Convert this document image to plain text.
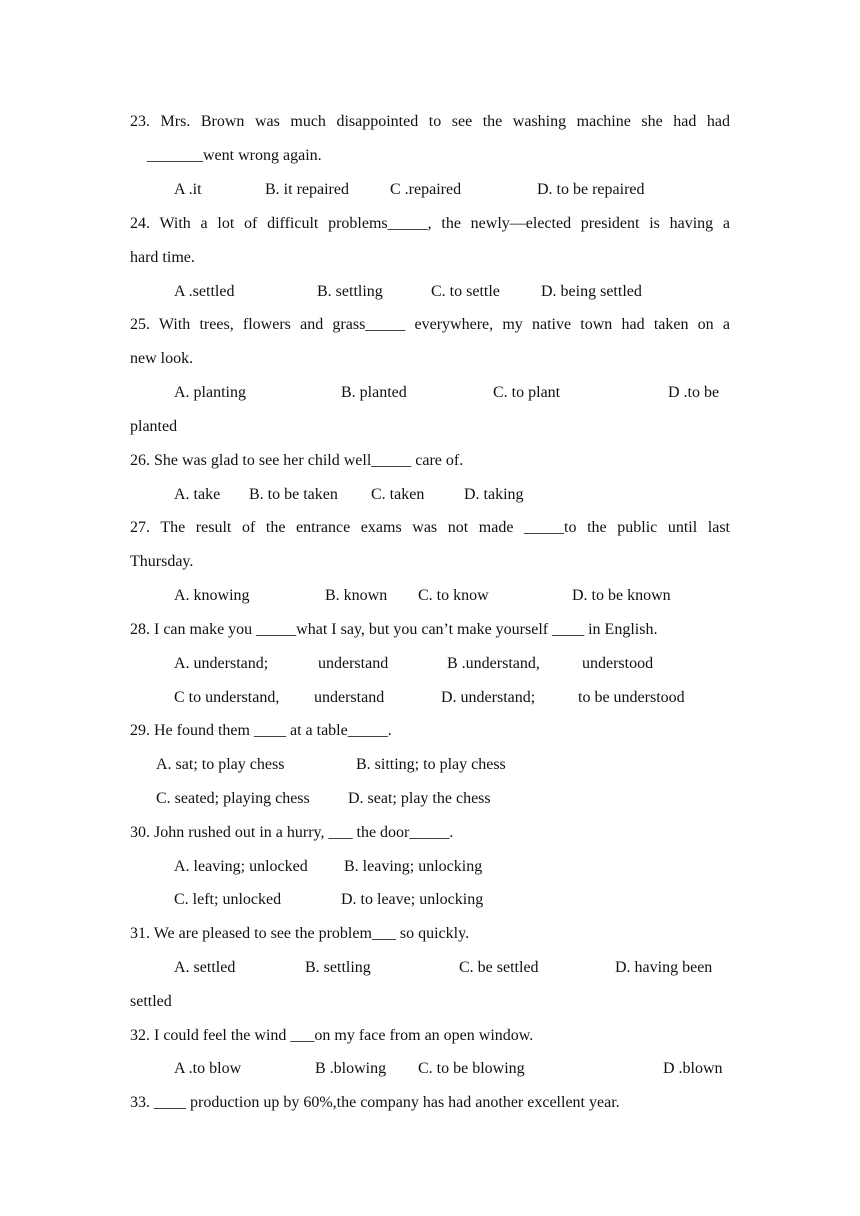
23. Mrs. Brown was much disappointed to see the washing machine she had had
_______went wrong again.
A .it	B. it repaired	C .repaired	D. to be repaired
24. With a lot of difficult problems_____, the newly—elected president is having a
hard time.
A .settled	B. settling	C. to settle	D. being settled
25. With trees, flowers and grass_____ everywhere, my native town had taken on a
new look.
A. planting	B. planted	C. to plant	D .to be
planted
26. She was glad to see her child well_____ care of.
A. take B. to be taken C. taken D. taking
27. The result of the entrance exams was not made _____to the public until last
Thursday.
A. knowing	B. known C. to know	D. to be known
28. I can make you _____what I say, but you can’t make yourself ____ in English.
A. understand;	understand	B .understand,	understood
C to understand, understand	D. understand;	to be understood
29. He found them ____ at a table_____.
A. sat; to play chess	B. sitting; to play chess
C. seated; playing chess D. seat; play the chess
30. John rushed out in a hurry, ___ the door_____.
A. leaving; unlocked B. leaving; unlocking
C. left; unlocked	D. to leave; unlocking
31. We are pleased to see the problem___ so quickly.
A. settled	B. settling	C. be settled	D. having been
settled
32. I could feel the wind ___on my face from an open window.
A .to blow	B .blowing C. to be blowing	D .blown
33. ____ production up by 60%,the company has had another excellent year.
